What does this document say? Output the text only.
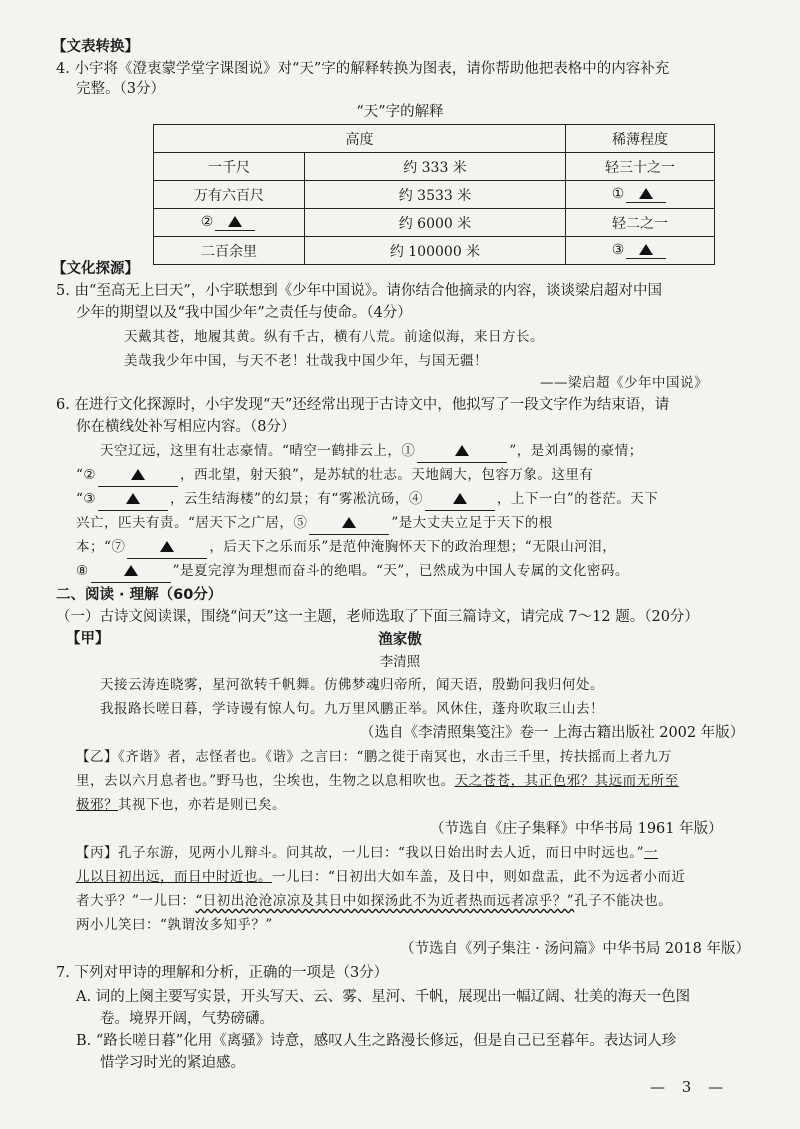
【文表转换】
4. 小宇将《澄衷蒙学堂字课图说》对“天”字的解释转换为图表，请你帮助他把表格中的内容补充
完整。（3分）
“天”字的解释
高度		稀薄程度
一千尺	约 333 米	轻三十之一
万有六百尺	约 3533 米	①
②	约 6000 米	轻二之一
二百余里	约 100000 米	③
【文化探源】
5. 由“至高无上曰天”，小宇联想到《少年中国说》。请你结合他摘录的内容，谈谈梁启超对中国
少年的期望以及“我中国少年”之责任与使命。（4分）
天戴其苍，地履其黄。纵有千古，横有八荒。前途似海，来日方长。
美哉我少年中国，与天不老！壮哉我中国少年，与国无疆！
——梁启超《少年中国说》
6. 在进行文化探源时，小宇发现“天”还经常出现于古诗文中，他拟写了一段文字作为结束语，请
你在横线处补写相应内容。（8分）
天空辽远，这里有壮志豪情。“晴空一鹤排云上，①	”，是刘禹锡的豪情；
“②	，西北望，射天狼”，是苏轼的壮志。天地阔大，包容万象。这里有
“③	，云生结海楼”的幻景；有“雾凇沆砀，④	，上下一白”的苍茫。天下
兴亡，匹夫有责。“居天下之广居，⑤	”是大丈夫立足于天下的根
本；“⑦	，后天下之乐而乐”是范仲淹胸怀天下的政治理想；“无限山河泪，
⑧	”是夏完淳为理想而奋斗的绝唱。“天”，已然成为中国人专属的文化密码。
二、阅读 · 理解（60分）
（一）古诗文阅读课，围绕“问天”这一主题，老师选取了下面三篇诗文，请完成 7～12 题。（20分）
【甲】	渔家傲
李清照
天接云涛连晓雾，星河欲转千帆舞。仿佛梦魂归帝所，闻天语，殷勤问我归何处。
我报路长嗟日暮，学诗谩有惊人句。九万里风鹏正举。风休住，蓬舟吹取三山去！
（选自《李清照集笺注》卷一 上海古籍出版社 2002 年版）
【乙】《齐谐》者，志怪者也。《谐》之言曰：“鹏之徙于南冥也，水击三千里，抟扶摇而上者九万
里，去以六月息者也。”野马也，尘埃也，生物之以息相吹也。天之苍苍，其正色邪？其远而无所至
极邪？其视下也，亦若是则已矣。
（节选自《庄子集释》中华书局 1961 年版）
【丙】孔子东游，见两小儿辩斗。问其故，一儿曰：“我以日始出时去人近，而日中时远也。”一
儿以日初出远，而日中时近也。一儿曰：“日初出大如车盖，及日中，则如盘盂，此不为远者小而近
者大乎？”一儿曰：“日初出沧沧凉凉及其日中如探汤此不为近者热而远者凉乎？”孔子不能决也。
两小儿笑曰：“孰谓汝多知乎？”
（节选自《列子集注 · 汤问篇》中华书局 2018 年版）
7. 下列对甲诗的理解和分析，正确的一项是（3分）
A. 词的上阕主要写实景，开头写天、云、雾、星河、千帆，展现出一幅辽阔、壮美的海天一色图
卷。境界开阔，气势磅礴。
B. “路长嗟日暮”化用《离骚》诗意，感叹人生之路漫长修远，但是自己已至暮年。表达词人珍
惜学习时光的紧迫感。
— 3 —
